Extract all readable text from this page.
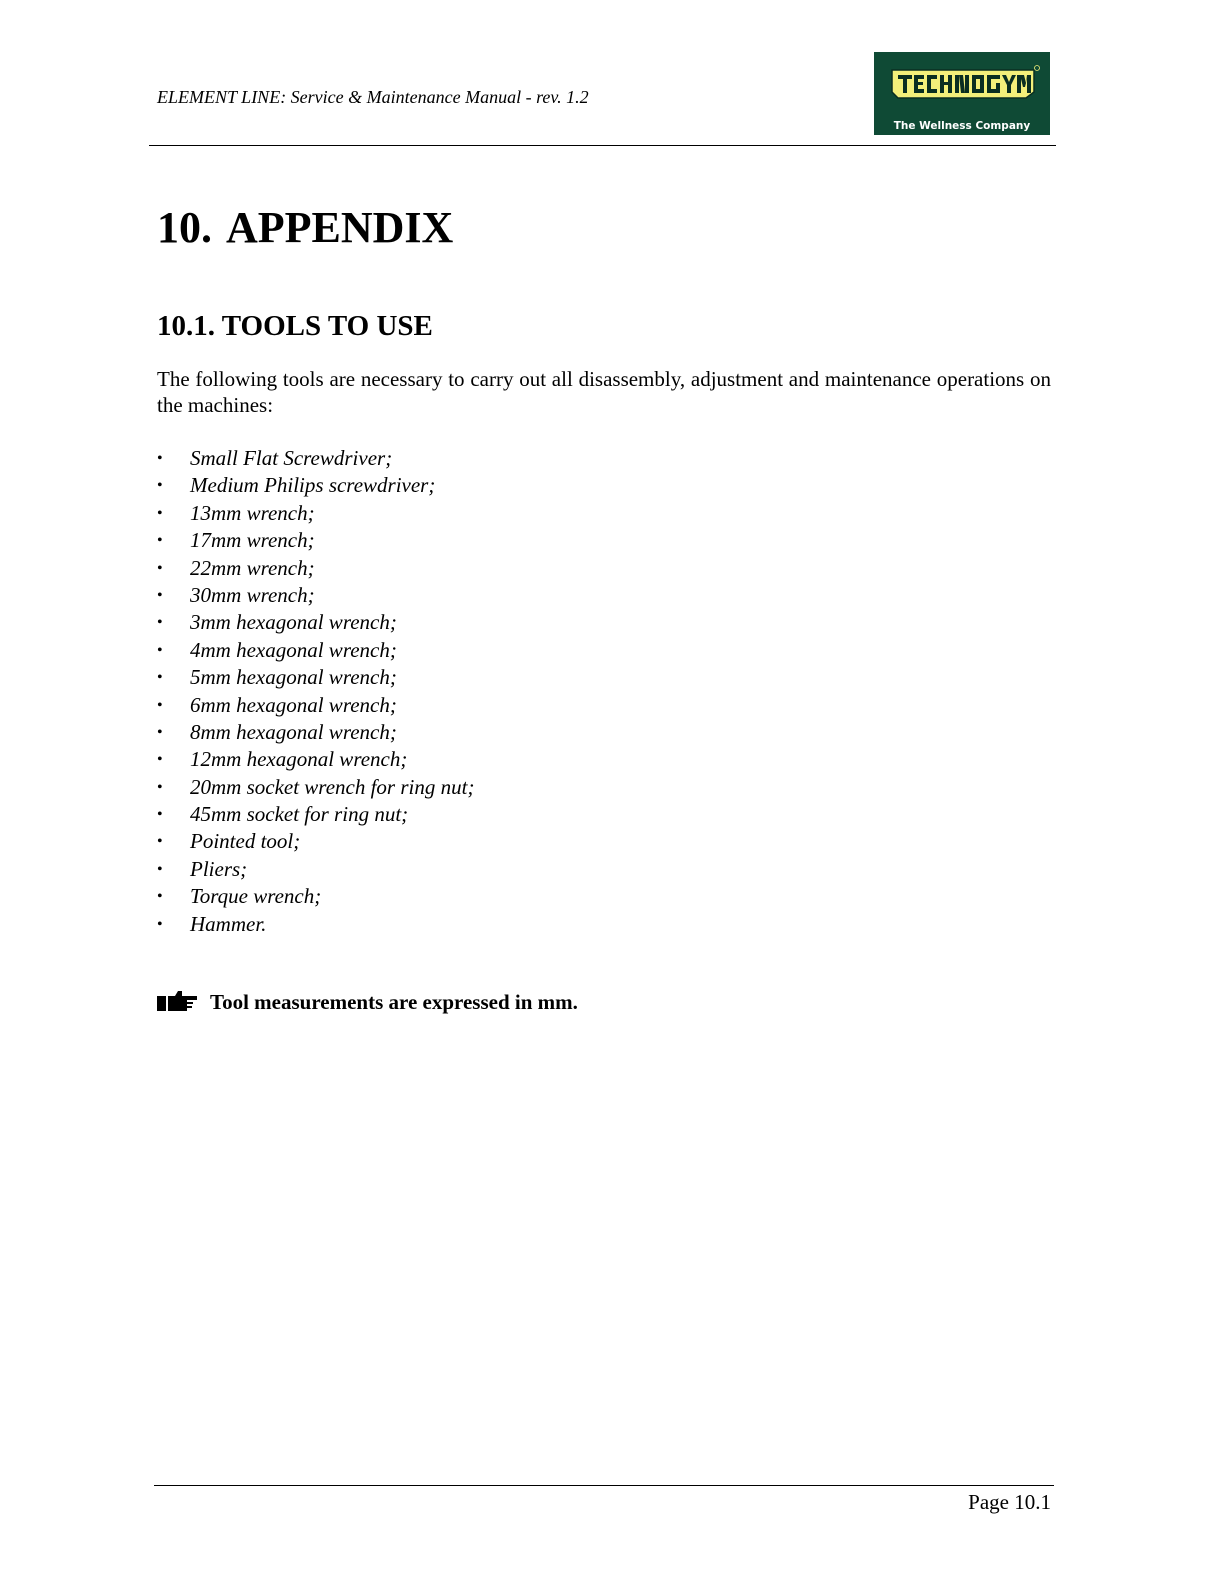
ELEMENT LINE: Service & Maintenance Manual - rev. 1.2
The Wellness Company
10. APPENDIX
10.1. TOOLS TO USE

The following tools are necessary to carry out all disassembly, adjustment and maintenance operations on the machines:

• Small Flat Screwdriver;
• Medium Philips screwdriver;
• 13mm wrench;
• 17mm wrench;
• 22mm wrench;
• 30mm wrench;
• 3mm hexagonal wrench;
• 4mm hexagonal wrench;
• 5mm hexagonal wrench;
• 6mm hexagonal wrench;
• 8mm hexagonal wrench;
• 12mm hexagonal wrench;
• 20mm socket wrench for ring nut;
• 45mm socket for ring nut;
• Pointed tool;
• Pliers;
• Torque wrench;
• Hammer.
Tool measurements are expressed in mm.
Page 10.1
